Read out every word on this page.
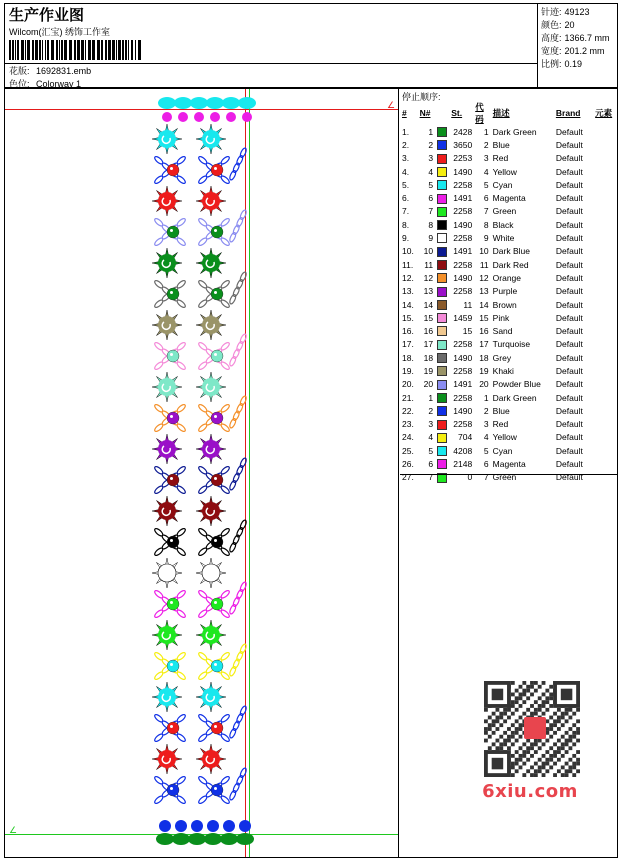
生产作业图
Wilcom(汇宝) 绣饰工作室
花版: 1692831.emb
色位: Colorway 1
针迹: 49123
颜色: 20
高度: 1366.7 mm
宽度: 201.2 mm
比例: 0.19
∠
∠
停止顺序:
#	N#		St.	代码	描述	Brand	元素
1.	1		2428	1	Dark Green	Default	
2.	2		3650	2	Blue	Default	
3.	3		2253	3	Red	Default	
4.	4		1490	4	Yellow	Default	
5.	5		2258	5	Cyan	Default	
6.	6		1491	6	Magenta	Default	
7.	7		2258	7	Green	Default	
8.	8		1490	8	Black	Default	
9.	9		2258	9	White	Default	
10.	10		1491	10	Dark Blue	Default	
11.	11		2258	11	Dark Red	Default	
12.	12		1490	12	Orange	Default	
13.	13		2258	13	Purple	Default	
14.	14		11	14	Brown	Default	
15.	15		1459	15	Pink	Default	
16.	16		15	16	Sand	Default	
17.	17		2258	17	Turquoise	Default	
18.	18		1490	18	Grey	Default	
19.	19		2258	19	Khaki	Default	
20.	20		1491	20	Powder Blue	Default	
21.	1		2258	1	Dark Green	Default	
22.	2		1490	2	Blue	Default	
23.	3		2258	3	Red	Default	
24.	4		704	4	Yellow	Default	
25.	5		4208	5	Cyan	Default	
26.	6		2148	6	Magenta	Default	
27.	7		0	7	Green	Default	
6xiu.com
